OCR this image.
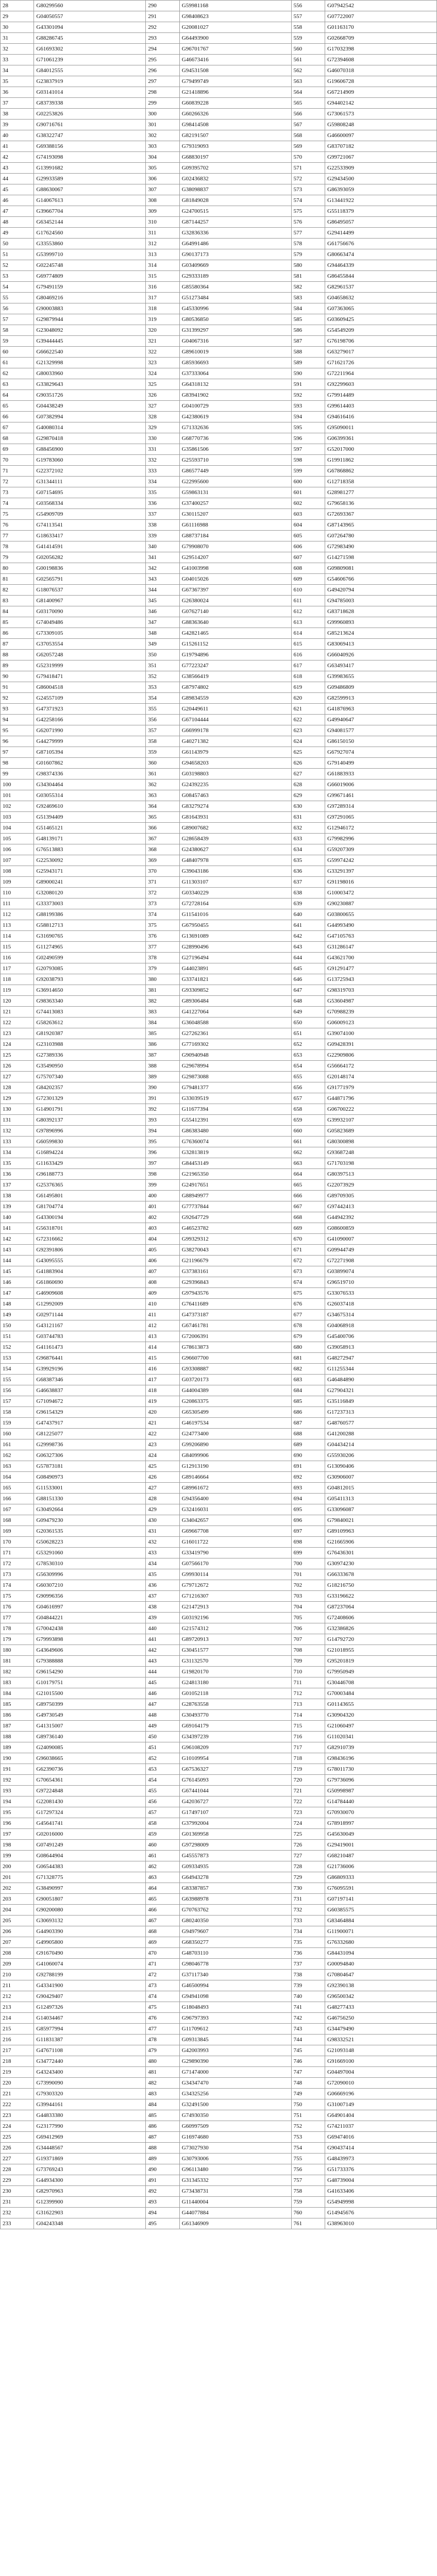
28	G80299560	290	G59981168	556	G07942542
29	G04050557	291	G98408623	557	G07722007
30	G43301094	292	G20081027	558	G01163170
31	G88286745	293	G64493900	559	G02668709
32	G61693302	294	G96701767	560	G17032398
33	G71061239	295	G46673416	561	G72394608
34	G84012555	296	G94531508	562	G46070318
35	G23837919	297	G79499749	563	G19606728
36	G03141014	298	G21418896	564	G67214909
37	G83739338	299	G60839228	565	G94402142
38	G02253826	300	G60266326	566	G73061573
39	G90716761	301	G98414508	567	G59808248
40	G38322747	302	G82191507	568	G46600097
41	G69388156	303	G79319093	569	G83707182
42	G74193098	304	G68830197	570	G99721067
43	G13991682	305	G09395702	571	G22533909
44	G29933589	306	G02436832	572	G29434500
45	G88630067	307	G38098837	573	G86393059
46	G14067613	308	G81849028	574	G13441922
47	G39667704	309	G24700515	575	G55118379
48	G63452144	310	G87144257	576	G86495057
49	G17624560	311	G32836336	577	G29414499
50	G33553860	312	G64991486	578	G61756676
51	G53999710	313	G90137173	579	G80663474
52	G02245748	314	G03409669	580	G94464339
53	G69774809	315	G29333189	581	G86455844
54	G79491159	316	G85580364	582	G82961537
55	G80469216	317	G51273484	583	G04658632
56	G90003883	318	G45330996	584	G07363065
57	G29879944	319	G80536850	585	G03609425
58	G23048092	320	G31399297	586	G54549209
59	G39444445	321	G04067316	587	G76198706
60	G66622540	322	G89610019	588	G63279017
61	G21329998	323	G85936693	589	G71621726
62	G80033960	324	G37333064	590	G72211964
63	G33829643	325	G64318132	591	G92299603
64	G90351726	326	G83941902	592	G79914489
65	G04438249	327	G04100729	593	G99614403
66	G07382994	328	G42380619	594	G94616416
67	G40080314	329	G71332636	595	G95090011
68	G29870418	330	G68770736	596	G06399361
69	G88456900	331	G35861506	597	G52017000
70	G19783060	332	G25593710	598	G19911862
71	G22372102	333	G86577449	599	G67868862
72	G31344111	334	G22995600	600	G12718358
73	G07154695	335	G59863131	601	G28981277
74	G03568334	336	G37400257	602	G79658136
75	G54909709	337	G30115207	603	G72693367
76	G74113541	338	G61116988	604	G87143965
77	G18633417	339	G88737184	605	G07264780
78	G41414591	340	G79908070	606	G72983490
79	G02056282	341	G29514207	607	G14271598
80	G00198836	342	G41003998	608	G09809081
81	G02565791	343	G04015026	609	G54606766
82	G18076537	344	G67367397	610	G49420794
83	G81400967	345	G26380024	611	G94785003
84	G03170090	346	G07627140	612	G83718628
85	G74049486	347	G88363640	613	G99960893
86	G73309105	348	G42821465	614	G85213624
87	G37053554	349	G15261152	615	G83069413
88	G62057248	350	G19794896	616	G66040926
89	G52319999	351	G77223247	617	G63493417
90	G79418471	352	G38566419	618	G39983655
91	G86004518	353	G87974802	619	G09486809
92	G24557109	354	G89834559	620	G82599913
93	G47371923	355	G20449611	621	G41876963
94	G42258166	356	G67104444	622	G49940647
95	G62071990	357	G66999178	623	G94081577
96	G44279999	358	G40271382	624	G86150150
97	G87105394	359	G61143979	625	G67927074
98	G01607862	360	G94658203	626	G79140499
99	G98374336	361	G03198803	627	G61883933
100	G34304464	362	G24392235	628	G66019006
101	G03055314	363	G08457463	629	G99671461
102	G92469610	364	G83279274	630	G97289314
103	G51394409	365	G81643931	631	G97291065
104	G51465121	366	G89007682	632	G12946172
105	G48139171	367	G28658439	633	G79982996
106	G76513883	368	G24380627	634	G59207309
107	G22530092	369	G48407978	635	G59974242
108	G25943171	370	G39043186	636	G33291397
109	G89000241	371	G11303107	637	G91198016
110	G32080120	372	G03340229	638	G10003472
111	G33373003	373	G72728164	639	G90230887
112	G88199386	374	G11541016	640	G03800655
113	G58812713	375	G67950455	641	G44993490
114	G31690765	376	G13691089	642	G47105763
115	G11274965	377	G28990496	643	G31286147
116	G02490599	378	G27196494	644	G43621700
117	G20793085	379	G44023891	645	G91291477
118	G92038793	380	G33741821	646	G13725943
119	G36914650	381	G93309852	647	G98319703
120	G98363340	382	G89306484	648	G53604987
121	G74413083	383	G41227064	649	G70988239
122	G58263612	384	G36048588	650	G06009123
123	G81920387	385	G27262361	651	G39074100
124	G23103988	386	G77169302	652	G09428391
125	G27389336	387	G90940948	653	G22909806
126	G35490950	388	G29678994	654	G56664172
127	G75707340	389	G29873088	655	G20148174
128	G84202357	390	G79481377	656	G91771979
129	G72301329	391	G33039519	657	G44871796
130	G14901791	392	G11677394	658	G06700222
131	G80392137	393	G55412391	659	G39932107
132	G97896996	394	G86383480	660	G05823689
133	G60599830	395	G76360074	661	G80300898
134	G16894224	396	G32813819	662	G93687248
135	G11633429	397	G84453149	663	G71703198
136	G96188773	398	G21965350	664	G80397513
137	G25376365	399	G24917651	665	G22073929
138	G61495801	400	G88949977	666	G89709305
139	G81704774	401	G77737844	667	G97442413
140	G43300194	402	G92647729	668	G44942392
141	G56318701	403	G46523782	669	G08600859
142	G72316662	404	G99329312	670	G41090007
143	G92391806	405	G38270043	671	G09944749
144	G43095555	406	G21196679	672	G72271908
145	G41883904	407	G37383161	673	G03899074
146	G61860690	408	G29396843	674	G96519710
147	G46909608	409	G97943576	675	G33076533
148	G12992009	410	G76411689	676	G26037418
149	G02971144	411	G47373187	677	G34675314
150	G43121167	412	G67461781	678	G04068918
151	G03744783	413	G72006391	679	G45400706
152	G41161473	414	G78613873	680	G39058913
153	G96876441	415	G96607700	681	G48272947
154	G39929196	416	G93308887	682	G11255344
155	G68387346	417	G03720173	683	G46484890
156	G46638837	418	G44004389	684	G27904321
157	G71094672	419	G20863375	685	G35116849
158	G96154329	420	G65305499	686	G17237313
159	G47437917	421	G46197534	687	G48760577
160	G81225077	422	G24773400	688	G41200288
161	G29998736	423	G99206890	689	G04434214
162	G06327306	424	G84099906	690	G55930206
163	G57873181	425	G12913190	691	G13090406
164	G08490973	426	G89146664	692	G30906007
165	G11533001	427	G89961672	693	G04812015
166	G88151330	428	G94356400	694	G05411313
167	G30492664	429	G32416031	695	G33096087
168	G09479230	430	G34042657	696	G79840021
169	G20361535	431	G69667708	697	G89109963
170	G50628223	432	G16011722	698	G21665906
171	G53291060	433	G33419790	699	G76436301
172	G78530310	434	G07566170	700	G30974230
173	G56309996	435	G99930114	701	G66333678
174	G60307210	436	G79712672	702	G18216750
175	G90996356	437	G71216307	703	G33196622
176	G04616997	438	G21472913	704	G87237064
177	G04844221	439	G03192196	705	G72408606
178	G70042438	440	G21574312	706	G32386826
179	G79993898	441	G89720913	707	G14792720
180	G43649606	442	G30451577	708	G21018955
181	G79388888	443	G31132570	709	G95201819
182	G96154290	444	G19820170	710	G79950949
183	G10179751	445	G24813180	711	G30446708
184	G21015500	446	G01052118	712	G70003484
185	G89750399	447	G28763558	713	G01143655
186	G49730549	448	G30493770	714	G30904320
187	G41315007	449	G69164179	715	G21060497
188	G89736140	450	G34397239	716	G11020341
189	G24090085	451	G96108209	717	G82910739
190	G96038665	452	G10109954	718	G98436196
191	G62390736	453	G67536327	719	G78011730
192	G70654361	454	G76145093	720	G79736096
193	G97224848	455	G67441044	721	G50998987
194	G22081430	456	G42036727	722	G14784440
195	G17297324	457	G17497107	723	G70930070
196	G45641741	458	G37992004	724	G78918997
197	G02016000	459	G01369958	725	G45630049
198	G07491249	460	G97298009	726	G29419001
199	G08644904	461	G45557873	727	G68210487
200	G06544383	462	G09334935	728	G21736006
201	G71328775	463	G64943278	729	G86809333
202	G38490997	464	G83387857	730	G76095591
203	G90051807	465	G63988978	731	G07197141
204	G90200080	466	G70763762	732	G60385575
205	G30693132	467	G80240350	733	G83464884
206	G44903390	468	G94979607	734	G11900071
207	G49905800	469	G68350277	735	G76332680
208	G91670490	470	G48703110	736	G84431094
209	G41060074	471	G98046778	737	G00094840
210	G92788199	472	G37117340	738	G70804647
211	G43341900	473	G46500994	739	G92390138
212	G90429407	474	G94941098	740	G96500342
213	G12497326	475	G18048493	741	G48277433
214	G14034467	476	G96797393	742	G46756250
215	G85977994	477	G11709612	743	G34479490
216	G11831387	478	G09313845	744	G98332521
217	G47671108	479	G42003993	745	G21093148
218	G34772440	480	G29890390	746	G91669100
219	G43243400	481	G71474000	747	G04497004
220	G73990090	482	G34347470	748	G72090010
221	G79303320	483	G34325256	749	G06669196
222	G39944161	484	G32491500	750	G31007149
223	G44833380	485	G74930350	751	G64901404
224	G23177990	486	G60997509	752	G74211037
225	G69412969	487	G16974680	753	G69474016
226	G34448567	488	G73027930	754	G90437414
227	G19371869	489	G30793006	755	G48439973
228	G73769243	490	G96113480	756	G51733376
229	G44934300	491	G31345332	757	G48739004
230	G82970963	492	G73438731	758	G41633406
231	G12399900	493	G11440004	759	G54949998
232	G31622903	494	G44077884	760	G14945676
233	G04243348	495	G61346909	761	G38963010
